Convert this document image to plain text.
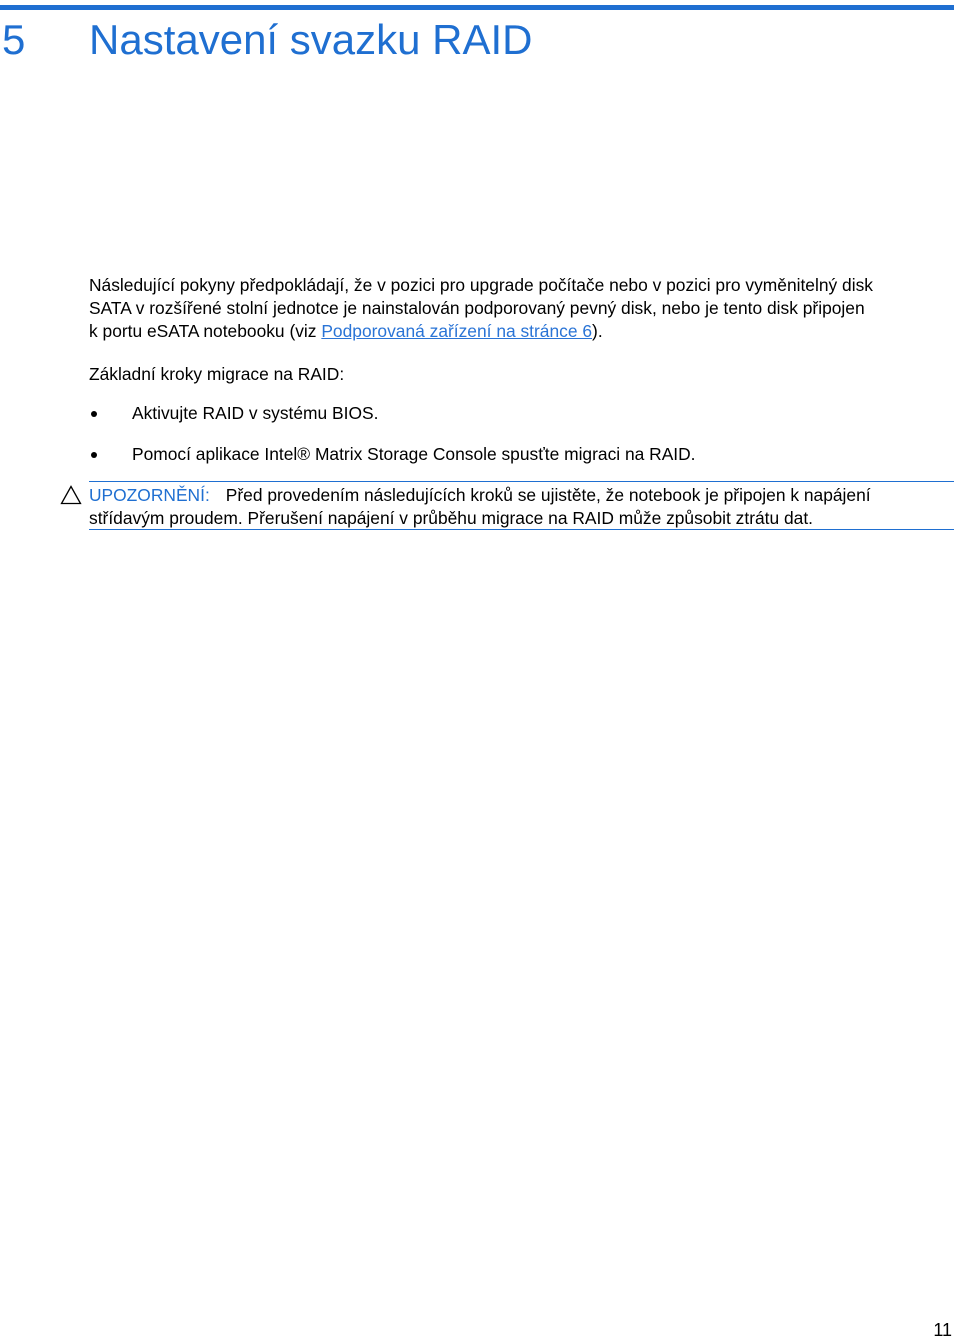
5 Nastavení svazku RAID
Následující pokyny předpokládají, že v pozici pro upgrade počítače nebo v pozici pro vyměnitelný disk
SATA v rozšířené stolní jednotce je nainstalován podporovaný pevný disk, nebo je tento disk připojen
k portu eSATA notebooku (viz Podporovaná zařízení na stránce 6).
Základní kroky migrace na RAID:
Aktivujte RAID v systému BIOS.
Pomocí aplikace Intel® Matrix Storage Console spusťte migraci na RAID.
UPOZORNĚNÍ: Před provedením následujících kroků se ujistěte, že notebook je připojen k napájení
střídavým proudem. Přerušení napájení v průběhu migrace na RAID může způsobit ztrátu dat.
11
